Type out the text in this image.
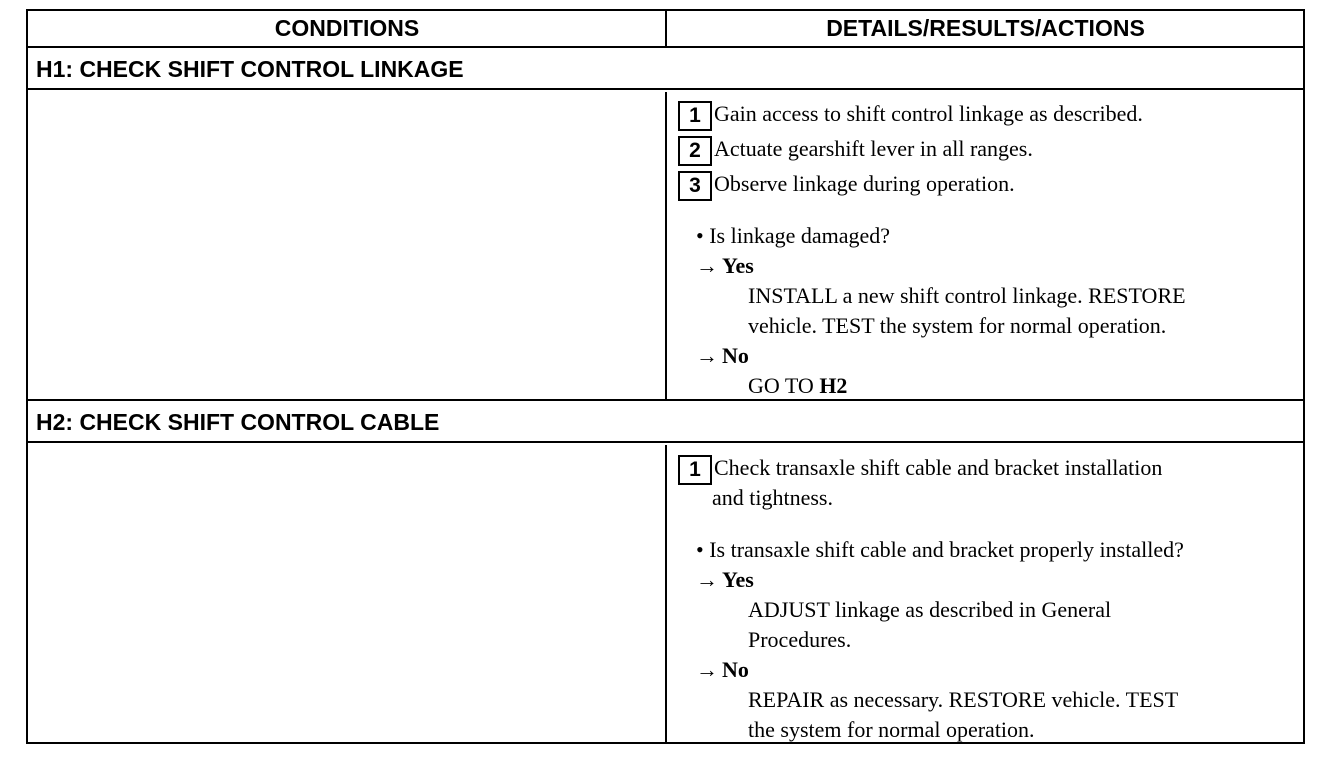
CONDITIONS	DETAILS/RESULTS/ACTIONS
H1: CHECK SHIFT CONTROL LINKAGE
1 Gain access to shift control linkage as described.
2 Actuate gearshift lever in all ranges.
3 Observe linkage during operation.
• Is linkage damaged?
→ Yes
INSTALL a new shift control linkage. RESTORE
vehicle. TEST the system for normal operation.
→ No
GO TO H2
H2: CHECK SHIFT CONTROL CABLE
1 Check transaxle shift cable and bracket installation
and tightness.
• Is transaxle shift cable and bracket properly installed?
→ Yes
ADJUST linkage as described in General
Procedures.
→ No
REPAIR as necessary. RESTORE vehicle. TEST
the system for normal operation.
